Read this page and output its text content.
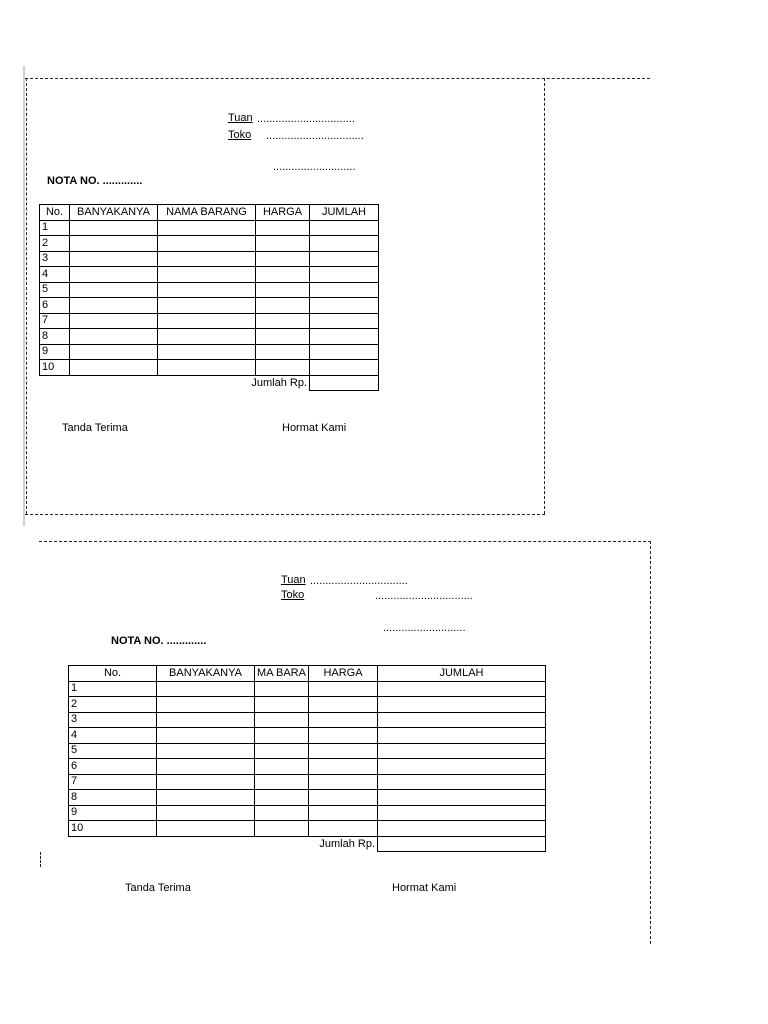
Tuan ................................
Toko ................................
...........................
NOTA NO. .............
No.	BANYAKANYA	NAMA BARANG	HARGA	JUMLAH
1				
2				
3				
4				
5				
6				
7				
8				
9				
10				
Jumlah Rp.				
Tanda Terima	Hormat Kami
Tuan ................................
Toko	................................
...........................
NOTA NO. .............
No.	BANYAKANYA	MA BARA	HARGA	JUMLAH
1				
2				
3				
4				
5				
6				
7				
8				
9				
10				
Jumlah Rp.				
Tanda Terima	Hormat Kami
